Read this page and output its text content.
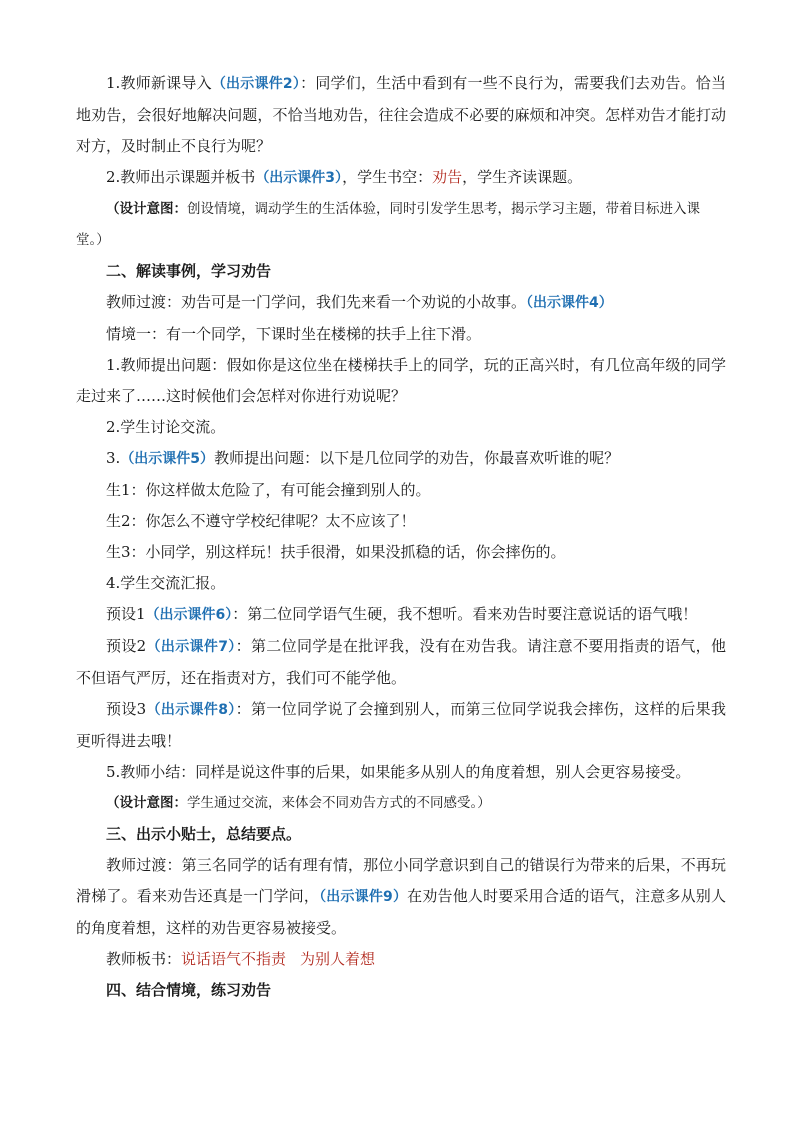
1.教师新课导入（出示课件2）：同学们，生活中看到有一些不良行为，需要我们去劝告。恰当地劝告，会很好地解决问题，不恰当地劝告，往往会造成不必要的麻烦和冲突。怎样劝告才能打动对方，及时制止不良行为呢？

2.教师出示课题并板书（出示课件3），学生书空：劝告，学生齐读课题。

（设计意图：创设情境，调动学生的生活体验，同时引发学生思考，揭示学习主题，带着目标进入课堂。）

二、解读事例，学习劝告

教师过渡：劝告可是一门学问，我们先来看一个劝说的小故事。（出示课件4）

情境一：有一个同学，下课时坐在楼梯的扶手上往下滑。

1.教师提出问题：假如你是这位坐在楼梯扶手上的同学，玩的正高兴时，有几位高年级的同学走过来了……这时候他们会怎样对你进行劝说呢？

2.学生讨论交流。

3.（出示课件5）教师提出问题：以下是几位同学的劝告，你最喜欢听谁的呢？

生1：你这样做太危险了，有可能会撞到别人的。

生2：你怎么不遵守学校纪律呢？太不应该了！

生3：小同学，别这样玩！扶手很滑，如果没抓稳的话，你会摔伤的。

4.学生交流汇报。

预设1（出示课件6）：第二位同学语气生硬，我不想听。看来劝告时要注意说话的语气哦！

预设2（出示课件7）：第二位同学是在批评我，没有在劝告我。请注意不要用指责的语气，他不但语气严厉，还在指责对方，我们可不能学他。

预设3（出示课件8）：第一位同学说了会撞到别人，而第三位同学说我会摔伤，这样的后果我更听得进去哦！

5.教师小结：同样是说这件事的后果，如果能多从别人的角度着想，别人会更容易接受。

（设计意图：学生通过交流，来体会不同劝告方式的不同感受。）

三、出示小贴士，总结要点。

教师过渡：第三名同学的话有理有情，那位小同学意识到自己的错误行为带来的后果，不再玩滑梯了。看来劝告还真是一门学问，（出示课件9）在劝告他人时要采用合适的语气，注意多从别人的角度着想，这样的劝告更容易被接受。

教师板书：说话语气不指责 为别人着想

四、结合情境，练习劝告
